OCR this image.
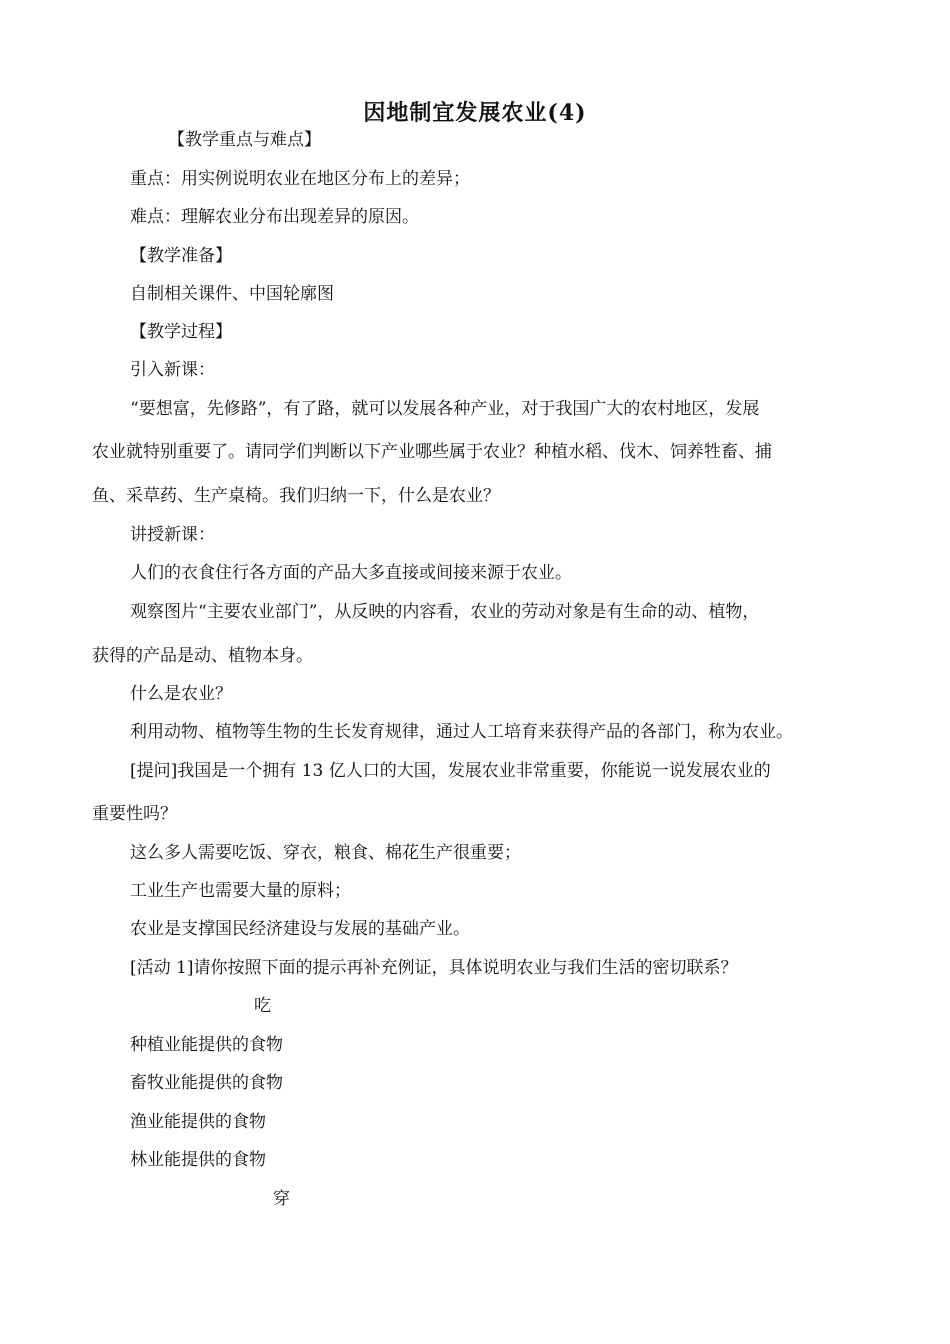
因地制宜发展农业(4)
【教学重点与难点】
重点：用实例说明农业在地区分布上的差异；
难点：理解农业分布出现差异的原因。
【教学准备】
自制相关课件、中国轮廓图
【教学过程】
引入新课：
“要想富，先修路”，有了路，就可以发展各种产业，对于我国广大的农村地区，发展
农业就特别重要了。请同学们判断以下产业哪些属于农业？种植水稻、伐木、饲养牲畜、捕
鱼、采草药、生产桌椅。我们归纳一下，什么是农业？
讲授新课：
人们的衣食住行各方面的产品大多直接或间接来源于农业。
观察图片“主要农业部门”，从反映的内容看，农业的劳动对象是有生命的动、植物，
获得的产品是动、植物本身。
什么是农业？
利用动物、植物等生物的生长发育规律，通过人工培育来获得产品的各部门，称为农业。
[提问]我国是一个拥有 13 亿人口的大国，发展农业非常重要，你能说一说发展农业的
重要性吗？
这么多人需要吃饭、穿衣，粮食、棉花生产很重要；
工业生产也需要大量的原料；
农业是支撑国民经济建设与发展的基础产业。
[活动 1]请你按照下面的提示再补充例证，具体说明农业与我们生活的密切联系？
吃
种植业能提供的食物
畜牧业能提供的食物
渔业能提供的食物
林业能提供的食物
穿
